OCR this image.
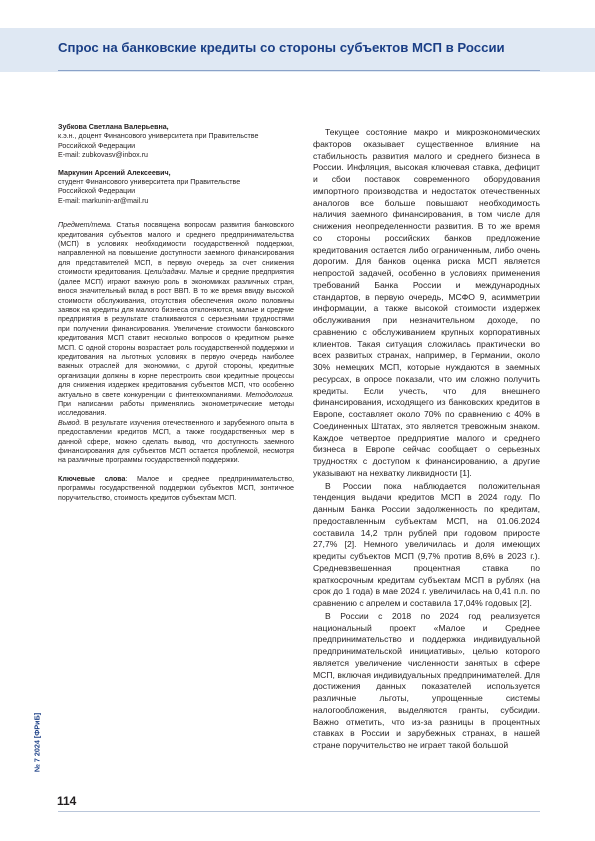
Спрос на банковские кредиты со стороны субъектов МСП в России
Зубкова Светлана Валерьевна,
к.э.н., доцент Финансового университета при Правительстве
Российской Федерации
E-mail: zubkovasv@inbox.ru
Маркунин Арсений Алексеевич,
студент Финансового университета при Правительстве
Российской Федерации
E-mail: markunin-ar@mail.ru

Предмет/тема. Статья посвящена вопросам развития банковского кредитования субъектов малого и среднего предпринимательства (МСП) в условиях необходимости государственной поддержки, направленной на повышение доступности заемного финансирования для представителей МСП, в первую очередь за счет снижения стоимости кредитования. Цели/задачи. Малые и средние предприятия (далее МСП) играют важную роль в экономиках различных стран, внося значительный вклад в рост ВВП. В то же время ввиду высокой стоимости обслуживания, отсутствия обеспечения около половины заявок на кредиты для малого бизнеса отклоняются, малые и средние предприятия в результате сталкиваются с серьезными трудностями при получении финансирования. Увеличение стоимости банковского кредитования МСП ставит несколько вопросов о кредитном рынке МСП. С одной стороны возрастает роль государственной поддержки и кредитования на льготных условиях в первую очередь наиболее важных отраслей для экономики, с другой стороны, кредитные организации должны в корне перестроить свои кредитные процессы для снижения издержек кредитования субъектов МСП, что особенно актуально в свете конкуренции с финтехкомпаниями. Методология. При написании работы применялись эконометрические методы исследования.

Вывод. В результате изучения отечественного и зарубежного опыта в предоставлении кредитов МСП, а также государственных мер в данной сфере, можно сделать вывод, что доступность заемного финансирования для субъектов МСП остается проблемой, несмотря на различные программы государственной поддержки.

Ключевые слова: Малое и среднее предпринимательство, программы государственной поддержки субъектов МСП, зонтичное поручительство, стоимость кредитов субъектам МСП.

Текущее состояние макро и микроэкономических факторов оказывает существенное влияние на стабильность развития малого и среднего бизнеса в России. Инфляция, высокая ключевая ставка, дефицит и сбои поставок современного оборудования импортного производства и недостаток отечественных аналогов все больше повышают необходимость наличия заемного финансирования, в том числе для снижения неопределенности развития. В то же время со стороны российских банков предложение кредитования остается либо ограниченным, либо очень дорогим. Для банков оценка риска МСП является непростой задачей, особенно в условиях применения требований Банка России и международных стандартов, в первую очередь, МСФО 9, асимметрии информации, а также высокой стоимости издержек обслуживания при незначительном доходе, по сравнению с обслуживанием крупных корпоративных клиентов. Такая ситуация сложилась практически во всех развитых странах, например, в Германии, около 30% немецких МСП, которые нуждаются в заемных ресурсах, в опросе показали, что им сложно получить кредиты. Если учесть, что для внешнего финансирования, исходящего из банковских кредитов в Европе, составляет около 70% по сравнению с 40% в Соединенных Штатах, это является тревожным знаком. Каждое четвертое предприятие малого и среднего бизнеса в Европе сейчас сообщает о серьезных трудностях с доступом к финансированию, а другие указывают на нехватку ликвидности [1].

В России пока наблюдается положительная тенденция выдачи кредитов МСП в 2024 году. По данным Банка России задолженность по кредитам, предоставленным субъектам МСП, на 01.06.2024 составила 14,2 трлн рублей при годовом приросте 27,7% [2]. Немного увеличилась и доля имеющих кредиты субъектов МСП (9,7% против 8,6% в 2023 г.). Средневзвешенная процентная ставка по краткосрочным кредитам субъектам МСП в рублях (на срок до 1 года) в мае 2024 г. увеличилась на 0,41 п.п. по сравнению с апрелем и составила 17,04% годовых [2].

В России с 2018 по 2024 год реализуется национальный проект «Малое и Среднее предпринимательство и поддержка индивидуальной предпринимательской инициативы», целью которого является увеличение численности занятых в сфере МСП, включая индивидуальных предпринимателей. Для достижения данных показателей используется различные льготы, упрощенные системы налогообложения, выделяются гранты, субсидии. Важно отметить, что из-за разницы в процентных ставках в России и зарубежных странах, в нашей стране поручительство не играет такой большой

№ 7 2024 [ФРиБ]
114
